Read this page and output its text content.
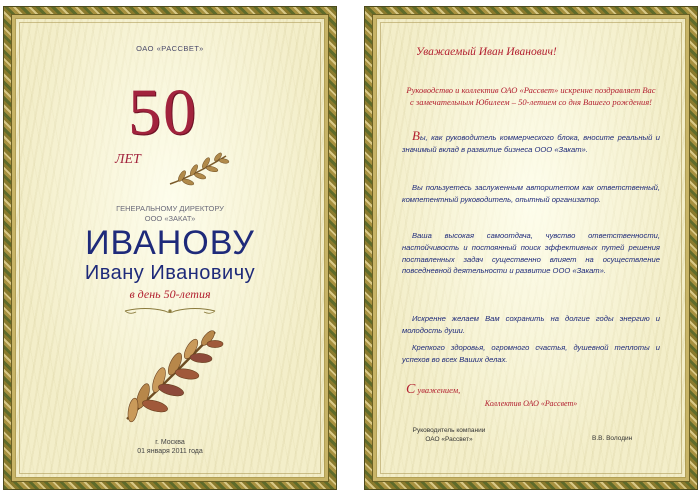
ОАО «РАССВЕТ»
50
ЛЕТ
ГЕНЕРАЛЬНОМУ ДИРЕКТОРУ
ООО «ЗАКАТ»
ИВАНОВУ
Ивану Ивановичу
в день 50-летия
г. Москва
01 января 2011 года
Уважаемый Иван Иванович!
Руководство и коллектив ОАО «Рассвет» искренне поздравляет Вас с замечательным Юбилеем – 50-летием со дня Вашего рождения!
Вы, как руководитель коммерческого блока, вносите реальный и значимый вклад в развитие бизнеса ООО «Закат».
Вы пользуетесь заслуженным авторитетом как ответственный, компетентный руководитель, опытный организатор.
Ваша высокая самоотдача, чувство ответственности, настойчивость и постоянный поиск эффективных путей решения поставленных задач существенно влияет на осуществление повседневной деятельности и развитие ООО «Закат».
Искренне желаем Вам сохранить на долгие годы энергию и молодость души.
Крепкого здоровья, огромного счастья, душевной теплоты и успехов во всех Ваших делах.
С уважением,
Коллектив ОАО «Рассвет»
Руководитель компании
ОАО «Рассвет»	В.В. Володин
